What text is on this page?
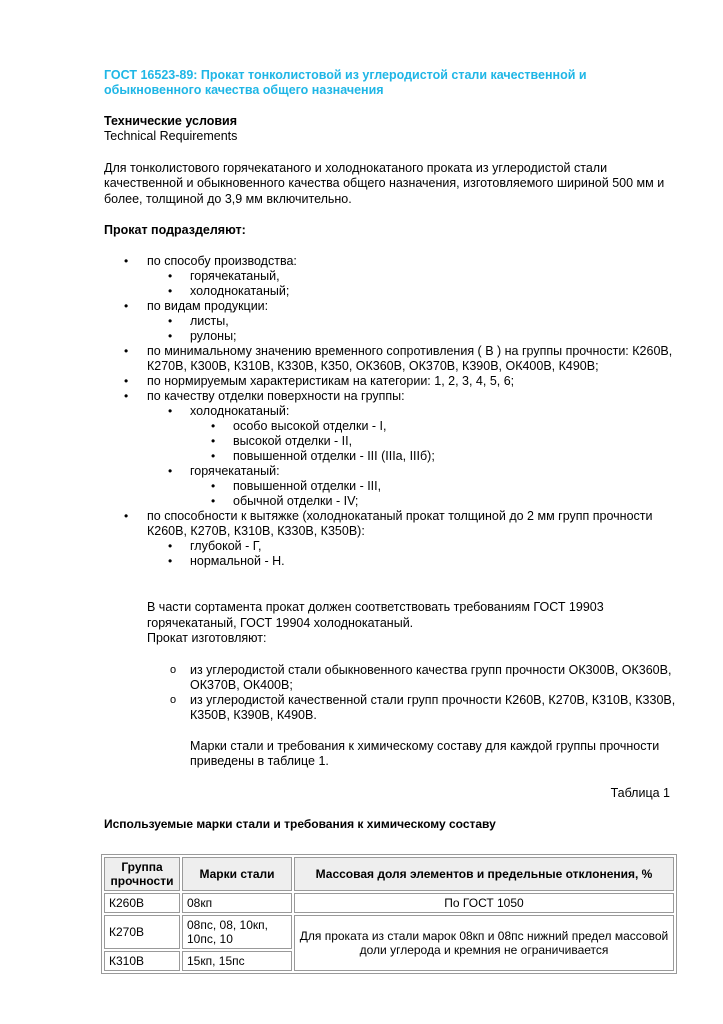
ГОСТ 16523-89: Прокат тонколистовой из углеродистой стали качественной и обыкновенного качества общего назначения

Технические условия

Technical Requirements

Для тонколистового горячекатаного и холоднокатаного проката из углеродистой стали качественной и обыкновенного качества общего назначения, изготовляемого шириной 500 мм и более, толщиной до 3,9 мм включительно.

Прокат подразделяют:

• по способу производства:
• горячекатаный,
• холоднокатаный;
• по видам продукции:
• листы,
• рулоны;
• по минимальному значению временного сопротивления ( В ) на группы прочности: К260В, К270В, К300В, К310В, К330В, К350, ОК360В, ОК370В, К390В, ОК400В, К490В;
• по нормируемым характеристикам на категории: 1, 2, 3, 4, 5, 6;
• по качеству отделки поверхности на группы:
• холоднокатаный:
• особо высокой отделки - I,
• высокой отделки - II,
• повышенной отделки - III (IIIа, IIIб);
• горячекатаный:
• повышенной отделки - III,
• обычной отделки - IV;
• по способности к вытяжке (холоднокатаный прокат толщиной до 2 мм групп прочности К260В, К270В, К310В, К330В, К350В):
• глубокой - Г,
• нормальной - Н.

В части сортамента прокат должен соответствовать требованиям ГОСТ 19903 горячекатаный, ГОСТ 19904 холоднокатаный.

Прокат изготовляют:

o из углеродистой стали обыкновенного качества групп прочности ОК300В, ОК360В, ОК370В, ОК400В;
o из углеродистой качественной стали групп прочности К260В, К270В, К310В, К330В, К350В, К390В, К490В.

Марки стали и требования к химическому составу для каждой группы прочности приведены в таблице 1.

Таблица 1

Используемые марки стали и требования к химическому составу

Группа прочности	Марки стали	Массовая доля элементов и предельные отклонения, %
К260В	08кп	По ГОСТ 1050
К270В	08пс, 08, 10кп, 10пс, 10	Для проката из стали марок 08кп и 08пс нижний предел массовой доли углерода и кремния не ограничивается
К310В	15кп, 15пс	
